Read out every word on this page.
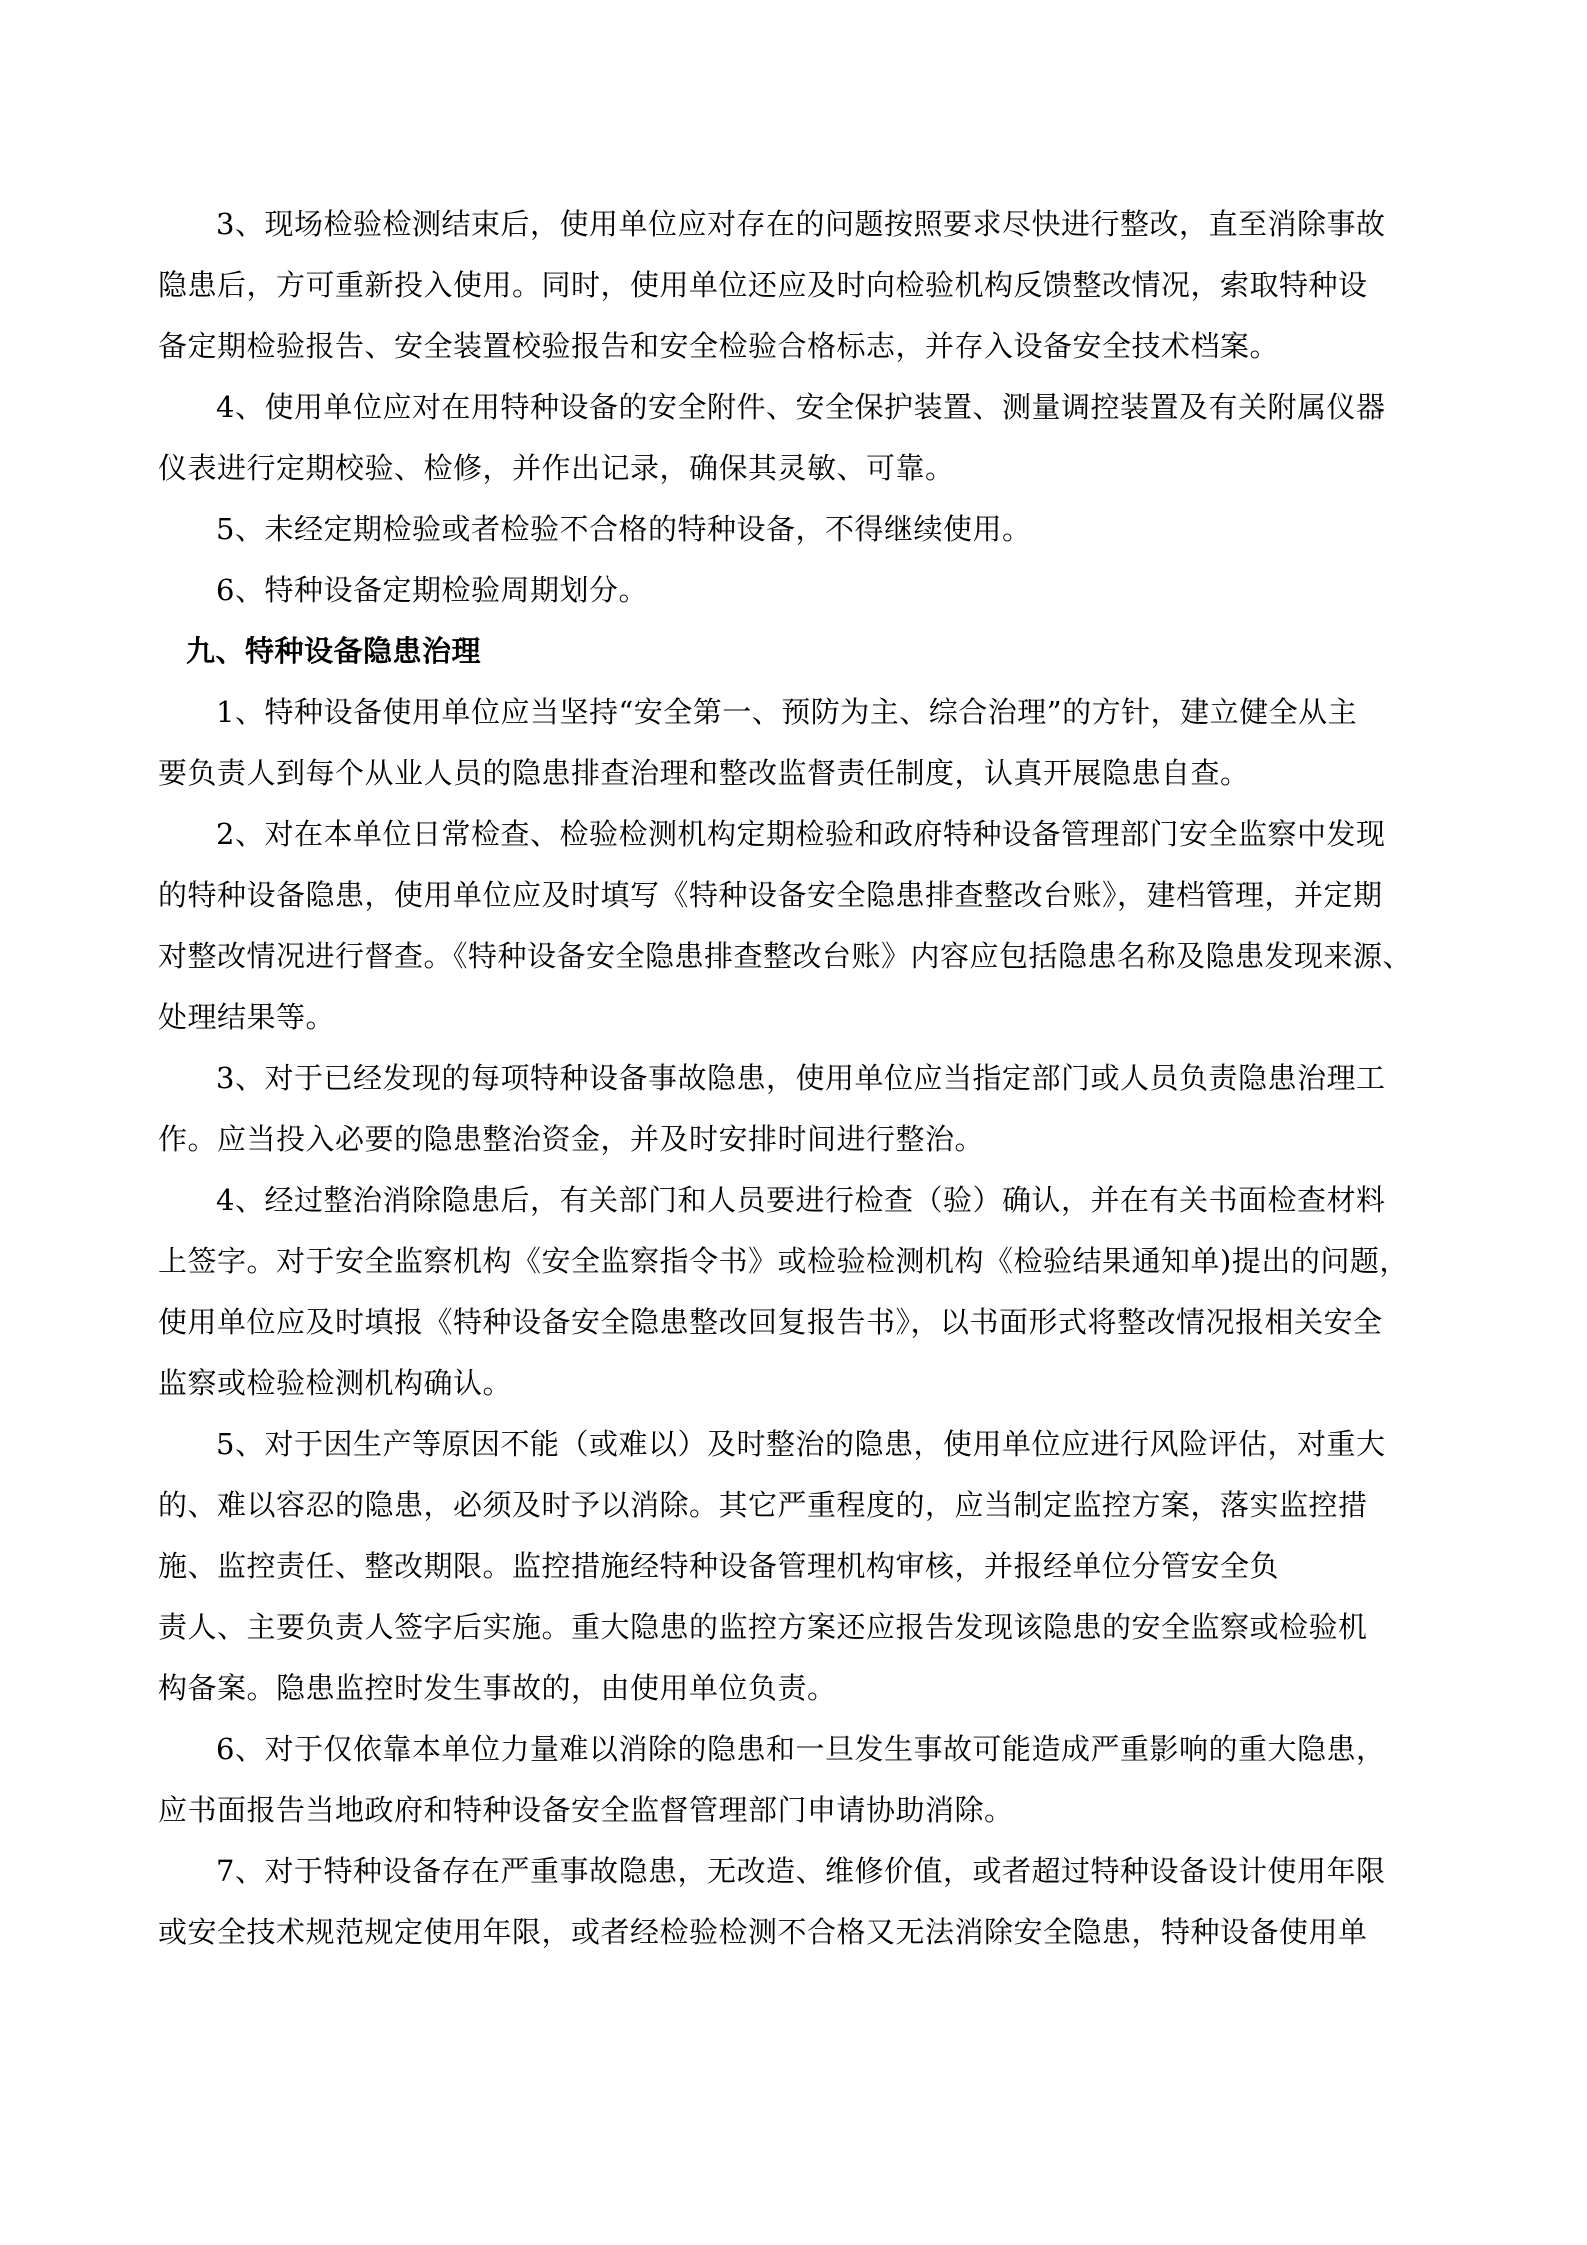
3、现场检验检测结束后，使用单位应对存在的问题按照要求尽快进行整改，直至消除事故
隐患后，方可重新投入使用。同时，使用单位还应及时向检验机构反馈整改情况，索取特种设
备定期检验报告、安全装置校验报告和安全检验合格标志，并存入设备安全技术档案。
4、使用单位应对在用特种设备的安全附件、安全保护装置、测量调控装置及有关附属仪器
仪表进行定期校验、检修，并作出记录，确保其灵敏、可靠。
5、未经定期检验或者检验不合格的特种设备，不得继续使用。
6、特种设备定期检验周期划分。
九、特种设备隐患治理
1、特种设备使用单位应当坚持“安全第一、预防为主、综合治理”的方针，建立健全从主
要负责人到每个从业人员的隐患排查治理和整改监督责任制度，认真开展隐患自查。
2、对在本单位日常检查、检验检测机构定期检验和政府特种设备管理部门安全监察中发现
的特种设备隐患，使用单位应及时填写《特种设备安全隐患排查整改台账》，建档管理，并定期
对整改情况进行督查。《特种设备安全隐患排查整改台账》内容应包括隐患名称及隐患发现来源、
处理结果等。
3、对于已经发现的每项特种设备事故隐患，使用单位应当指定部门或人员负责隐患治理工
作。应当投入必要的隐患整治资金，并及时安排时间进行整治。
4、经过整治消除隐患后，有关部门和人员要进行检查（验）确认，并在有关书面检查材料
上签字。对于安全监察机构《安全监察指令书》或检验检测机构《检验结果通知单)提出的问题，
使用单位应及时填报《特种设备安全隐患整改回复报告书》，以书面形式将整改情况报相关安全
监察或检验检测机构确认。
5、对于因生产等原因不能（或难以）及时整治的隐患，使用单位应进行风险评估，对重大
的、难以容忍的隐患，必须及时予以消除。其它严重程度的，应当制定监控方案，落实监控措
施、监控责任、整改期限。监控措施经特种设备管理机构审核，并报经单位分管安全负
责人、主要负责人签字后实施。重大隐患的监控方案还应报告发现该隐患的安全监察或检验机
构备案。隐患监控时发生事故的，由使用单位负责。
6、对于仅依靠本单位力量难以消除的隐患和一旦发生事故可能造成严重影响的重大隐患，
应书面报告当地政府和特种设备安全监督管理部门申请协助消除。
7、对于特种设备存在严重事故隐患，无改造、维修价值，或者超过特种设备设计使用年限
或安全技术规范规定使用年限，或者经检验检测不合格又无法消除安全隐患，特种设备使用单
